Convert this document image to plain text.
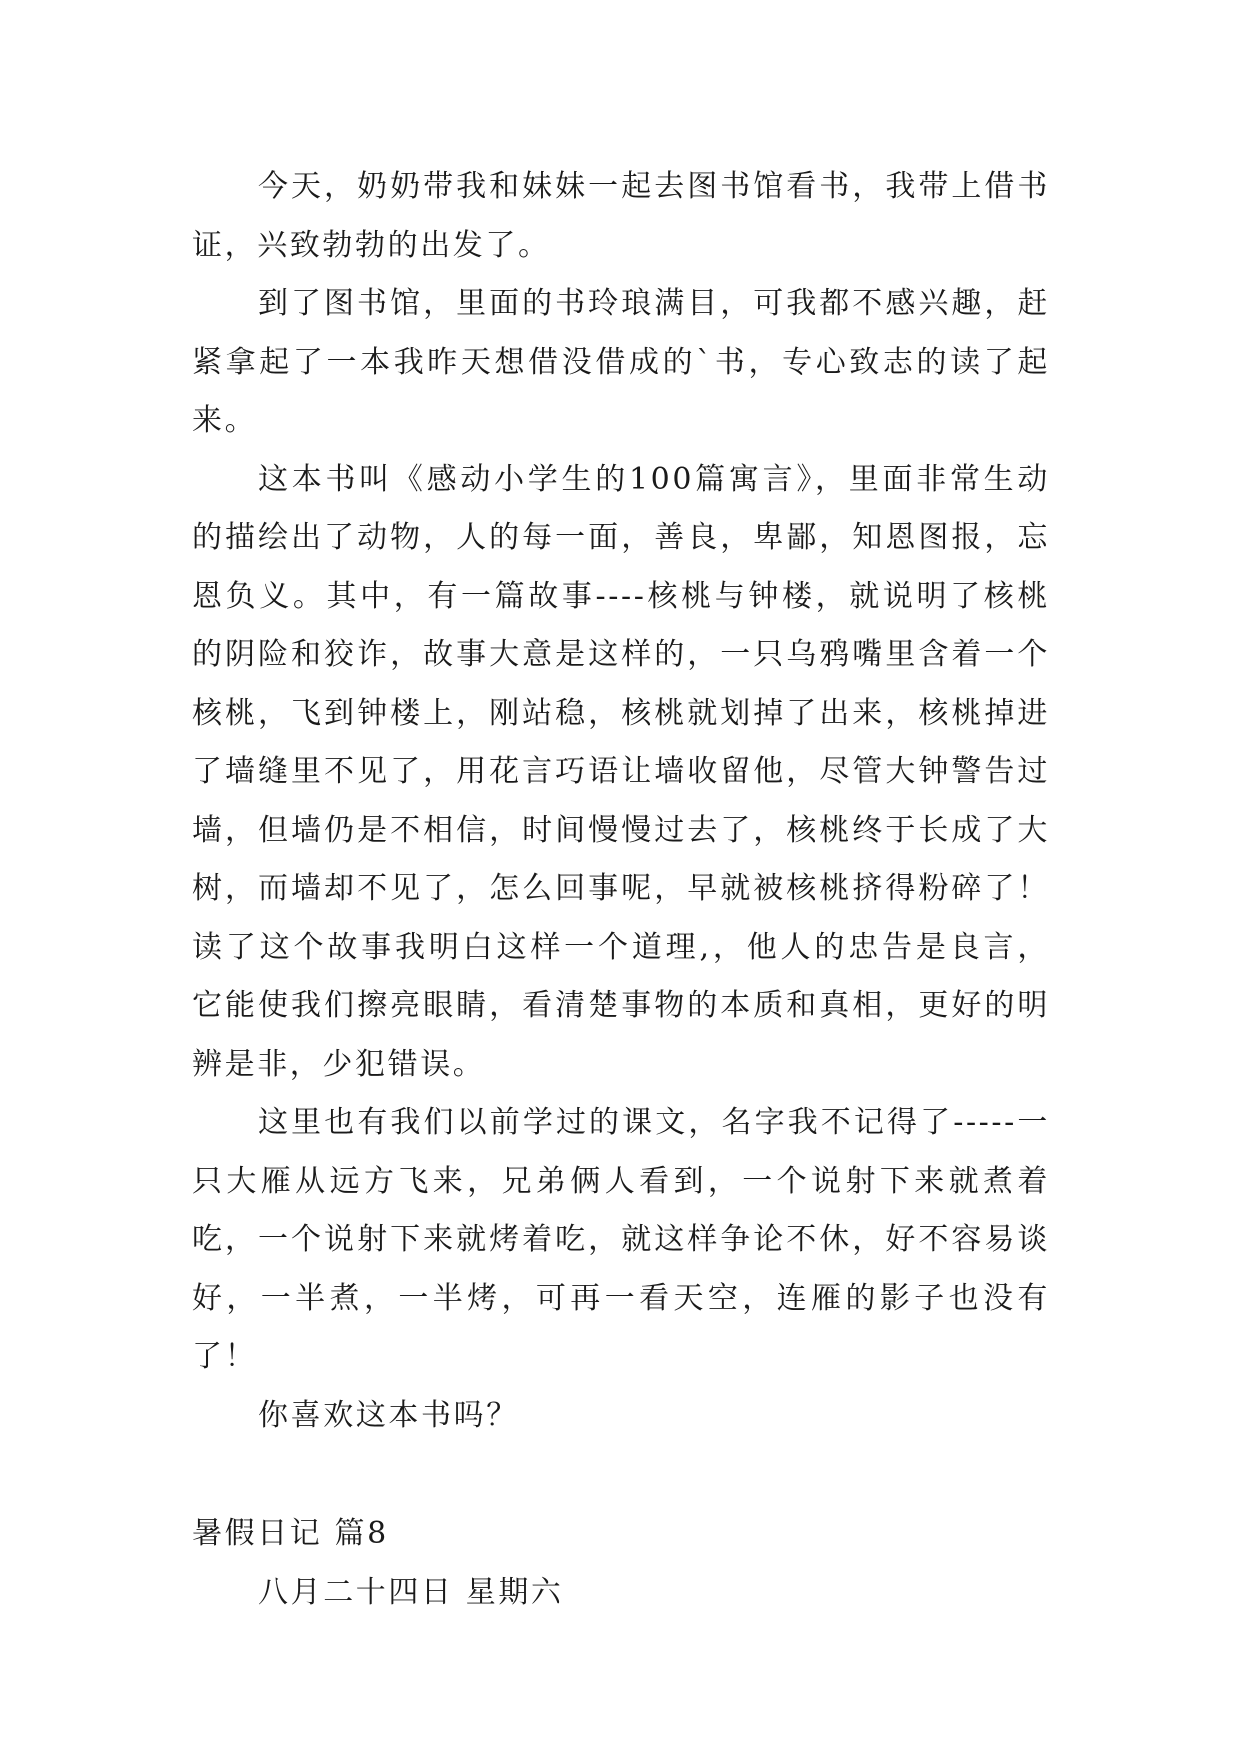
今天，奶奶带我和妹妹一起去图书馆看书，我带上借书证，兴致勃勃的出发了。

到了图书馆，里面的书玲琅满目，可我都不感兴趣，赶紧拿起了一本我昨天想借没借成的`书，专心致志的读了起来。

这本书叫《感动小学生的100篇寓言》，里面非常生动的描绘出了动物，人的每一面，善良，卑鄙，知恩图报，忘恩负义。其中，有一篇故事----核桃与钟楼，就说明了核桃的阴险和狡诈，故事大意是这样的，一只乌鸦嘴里含着一个核桃，飞到钟楼上，刚站稳，核桃就划掉了出来，核桃掉进了墙缝里不见了，用花言巧语让墙收留他，尽管大钟警告过墙，但墙仍是不相信，时间慢慢过去了，核桃终于长成了大树，而墙却不见了，怎么回事呢，早就被核桃挤得粉碎了！读了这个故事我明白这样一个道理,，他人的忠告是良言，它能使我们擦亮眼睛，看清楚事物的本质和真相，更好的明辨是非，少犯错误。

这里也有我们以前学过的课文，名字我不记得了-----一只大雁从远方飞来，兄弟俩人看到，一个说射下来就煮着吃，一个说射下来就烤着吃，就这样争论不休，好不容易谈好，一半煮，一半烤，可再一看天空，连雁的影子也没有了！

你喜欢这本书吗？

暑假日记 篇8

八月二十四日 星期六
